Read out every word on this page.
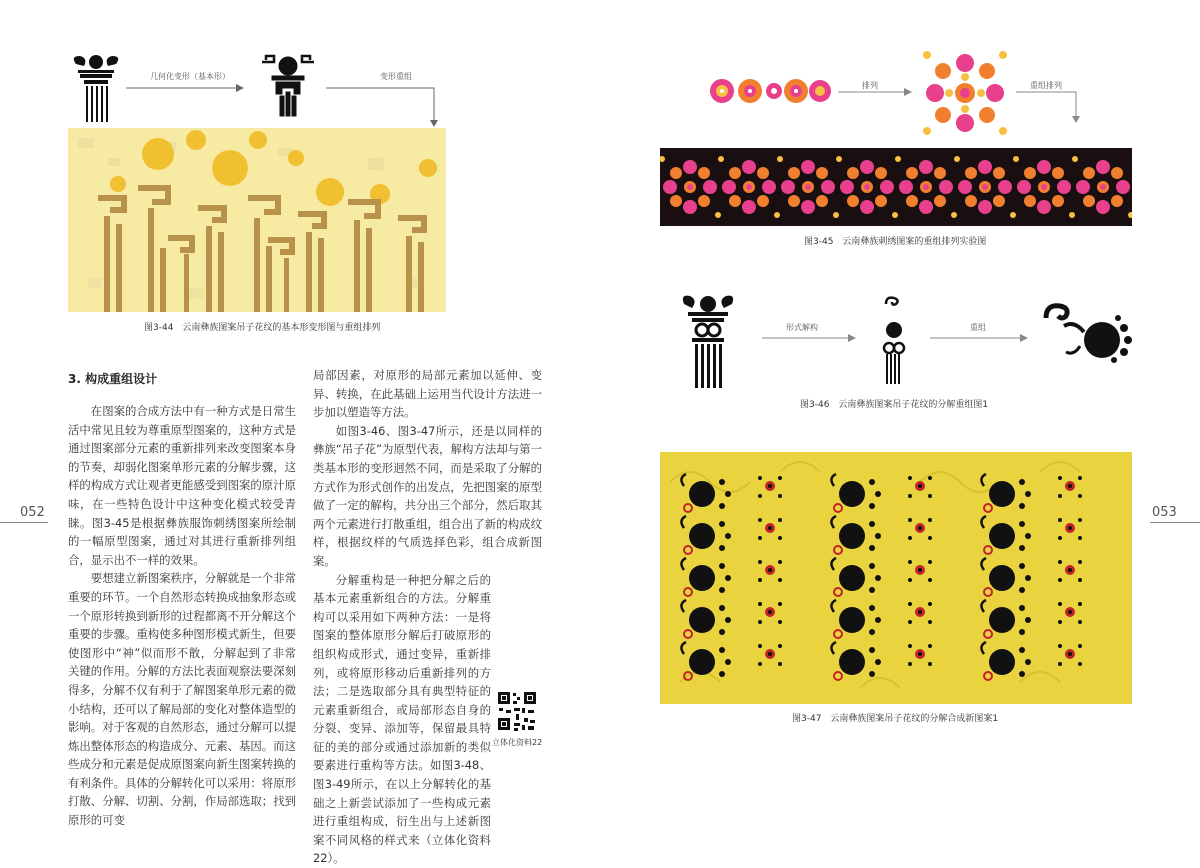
几何化变形（基本形）	变形重组
图3-44　云南彝族图案吊子花纹的基本形变形图与重组排列
3. 构成重组设计

在图案的合成方法中有一种方式是日常生活中常见且较为尊重原型图案的，这种方式是通过图案部分元素的重新排列来改变图案本身的节奏，却弱化图案单形元素的分解步骤，这样的构成方式让观者更能感受到图案的原汁原味，在一些特色设计中这种变化模式较受青睐。图3-45是根据彝族服饰刺绣图案所绘制的一幅原型图案，通过对其进行重新排列组合，显示出不一样的效果。

要想建立新图案秩序，分解就是一个非常重要的环节。一个自然形态转换成抽象形态或一个原形转换到新形的过程都离不开分解这个重要的步骤。重构使多种图形模式新生，但要使图形中“神”似而形不散，分解起到了非常关键的作用。分解的方法比表面观察法要深刻得多，分解不仅有利于了解图案单形元素的微小结构，还可以了解局部的变化对整体造型的影响。对于客观的自然形态，通过分解可以提炼出整体形态的构造成分、元素、基因。而这些成分和元素是促成原图案向新生图案转换的有利条件。具体的分解转化可以采用：将原形打散、分解、切割、分割，作局部选取；找到原形的可变

局部因素，对原形的局部元素加以延伸、变异、转换，在此基础上运用当代设计方法进一步加以塑造等方法。

如图3-46、图3-47所示，还是以同样的彝族“吊子花”为原型代表，解构方法却与第一类基本形的变形迥然不同，而是采取了分解的方式作为形式创作的出发点，先把图案的原型做了一定的解构，共分出三个部分，然后取其两个元素进行打散重组，组合出了新的构成纹样，根据纹样的气质选择色彩，组合成新图案。

分解重构是一种把分解之后的基本元素重新组合的方法。分解重构可以采用如下两种方法：一是将图案的整体原形分解后打破原形的组织构成形式，通过变异，重新排列，或将原形移动后重新排列的方法；二是选取部分具有典型特征的元素重新组合，或局部形态自身的分裂、变异、添加等，保留最具特征的美的部分或通过添加新的类似要素进行重构等方法。如图3-48、图3-49所示，在以上分解转化的基础之上新尝试添加了一些构成元素进行重组构成，衍生出与上述新图案不同风格的样式来（立体化资料22）。

立体化资料22
052
排列	重组排列
图3-45　云南彝族刺绣图案的重组排列实验图
形式解构	重组
图3-46　云南彝族图案吊子花纹的分解重组图1
图3-47　云南彝族图案吊子花纹的分解合成新图案1
053
